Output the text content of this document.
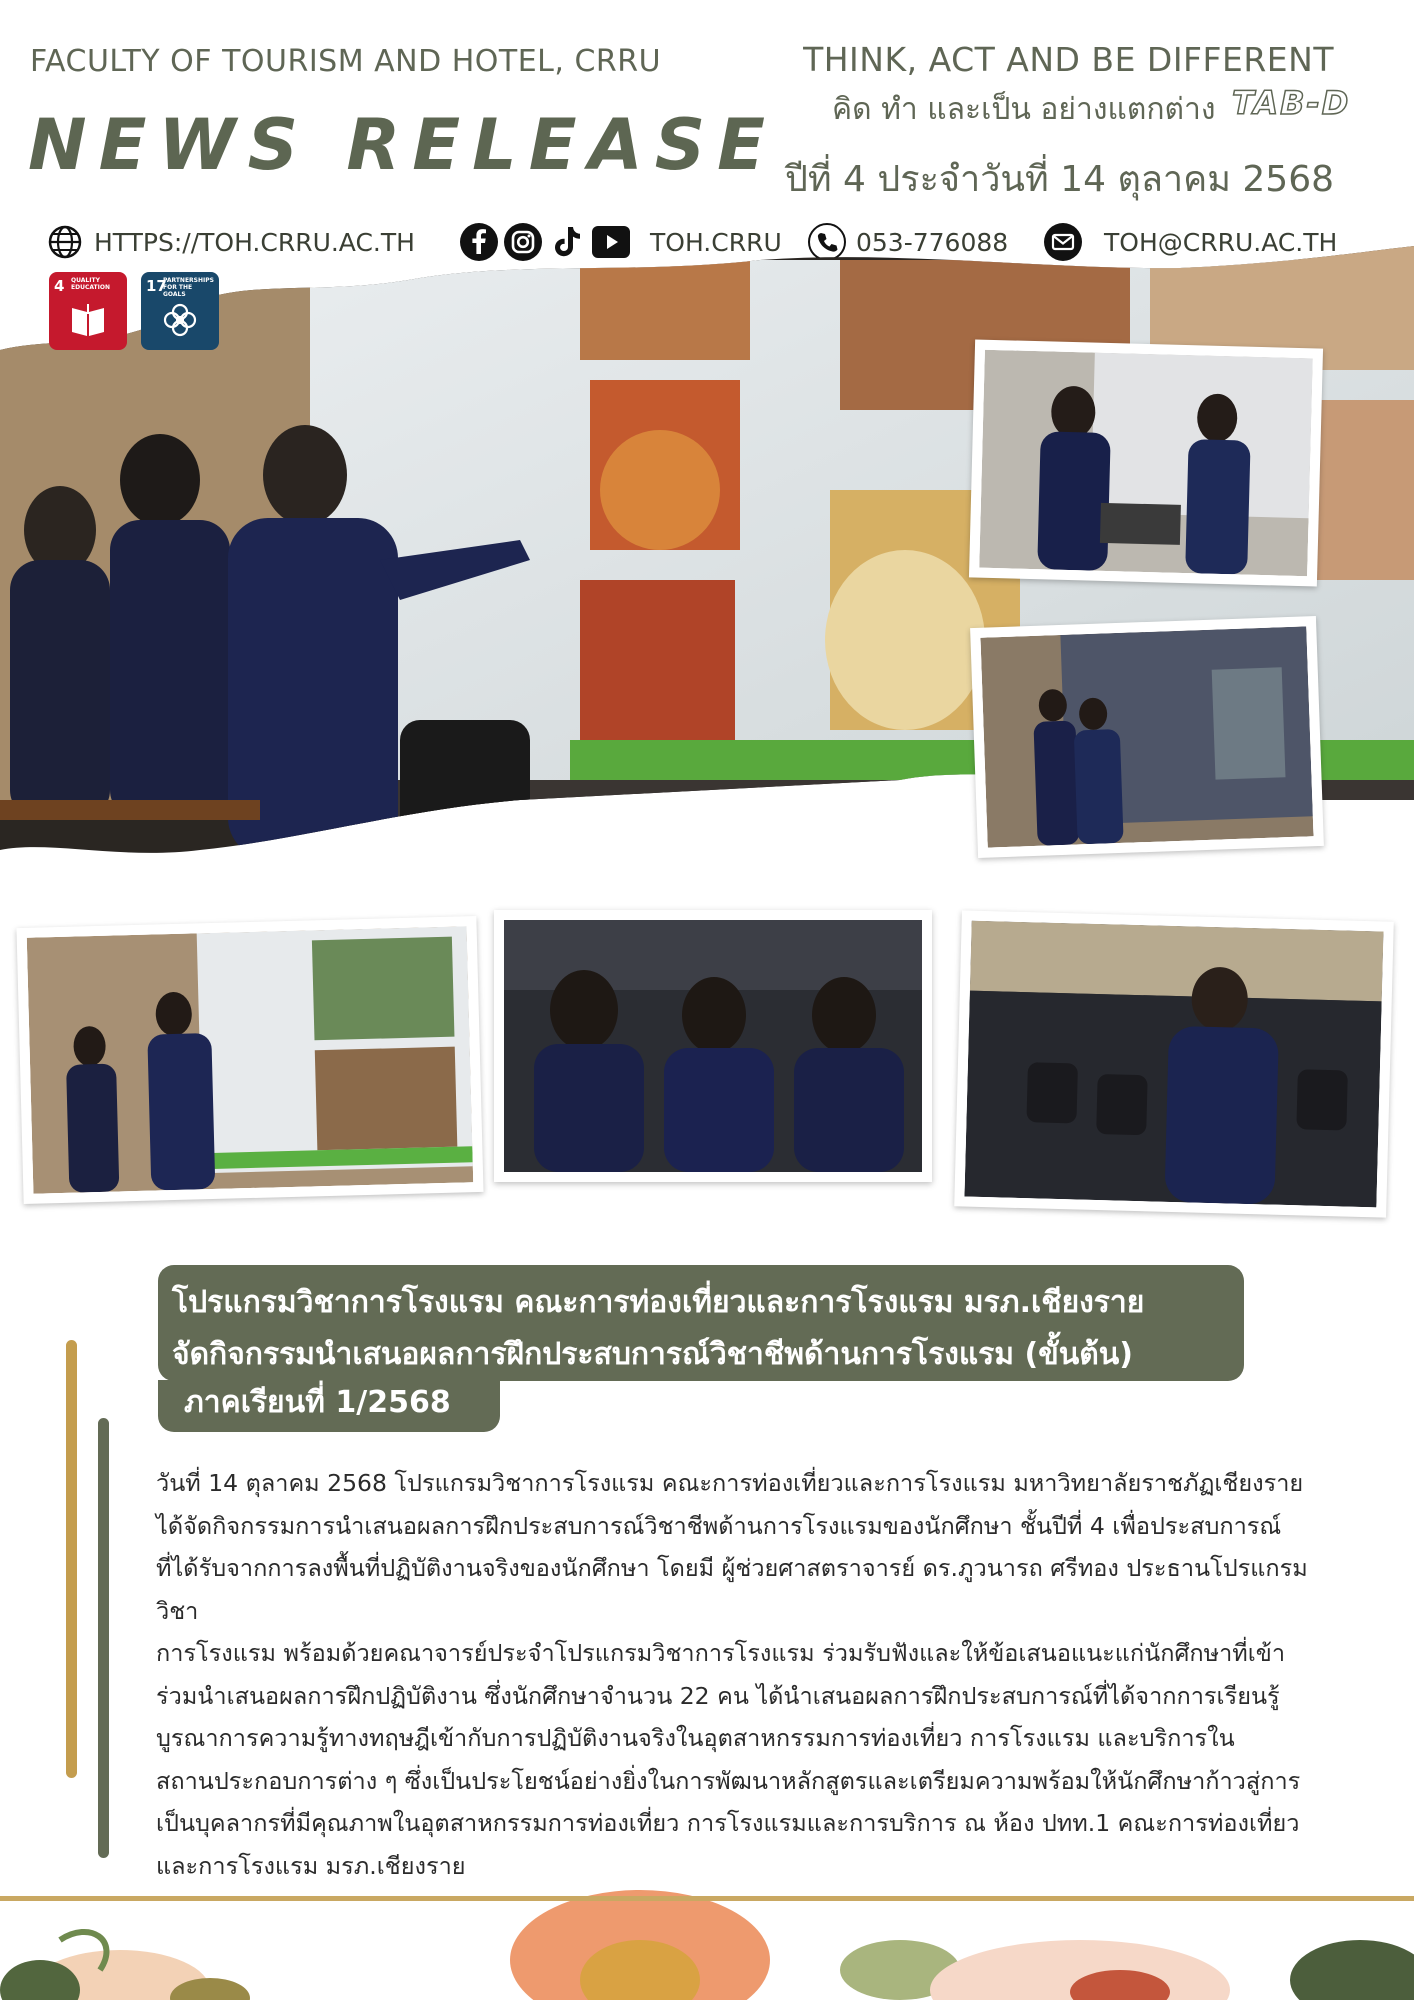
FACULTY OF TOURISM AND HOTEL, CRRU
NEWS RELEASE
THINK, ACT AND BE DIFFERENT
คิด ทำ และเป็น อย่างแตกต่าง TAB-D
ปีที่ 4 ประจำวันที่ 14 ตุลาคม 2568
HTTPS://TOH.CRRU.AC.TH	TOH.CRRU	053-776088	TOH@CRRU.AC.TH
4 QUALITY EDUCATION	17
PARTNERSHIPS FOR THE GOALS
โปรแกรมวิชาการโรงแรม คณะการท่องเที่ยวและการโรงแรม มรภ.เชียงราย
จัดกิจกรรมนำเสนอผลการฝึกประสบการณ์วิชาชีพด้านการโรงแรม (ขั้นต้น)
ภาคเรียนที่ 1/2568
วันที่ 14 ตุลาคม 2568 โปรแกรมวิชาการโรงแรม คณะการท่องเที่ยวและการโรงแรม มหาวิทยาลัยราชภัฏเชียงราย
ได้จัดกิจกรรมการนำเสนอผลการฝึกประสบการณ์วิชาชีพด้านการโรงแรมของนักศึกษา ชั้นปีที่ 4 เพื่อประสบการณ์
ที่ได้รับจากการลงพื้นที่ปฏิบัติงานจริงของนักศึกษา โดยมี ผู้ช่วยศาสตราจารย์ ดร.ภูวนารถ ศรีทอง ประธานโปรแกรมวิชา
การโรงแรม พร้อมด้วยคณาจารย์ประจำโปรแกรมวิชาการโรงแรม ร่วมรับฟังและให้ข้อเสนอแนะแก่นักศึกษาที่เข้า
ร่วมนำเสนอผลการฝึกปฏิบัติงาน ซึ่งนักศึกษาจำนวน 22 คน ได้นำเสนอผลการฝึกประสบการณ์ที่ได้จากการเรียนรู้
บูรณาการความรู้ทางทฤษฎีเข้ากับการปฏิบัติงานจริงในอุตสาหกรรมการท่องเที่ยว การโรงแรม และบริการใน
สถานประกอบการต่าง ๆ ซึ่งเป็นประโยชน์อย่างยิ่งในการพัฒนาหลักสูตรและเตรียมความพร้อมให้นักศึกษาก้าวสู่การ
เป็นบุคลากรที่มีคุณภาพในอุตสาหกรรมการท่องเที่ยว การโรงแรมและการบริการ ณ ห้อง ปทท.1 คณะการท่องเที่ยว
และการโรงแรม มรภ.เชียงราย
